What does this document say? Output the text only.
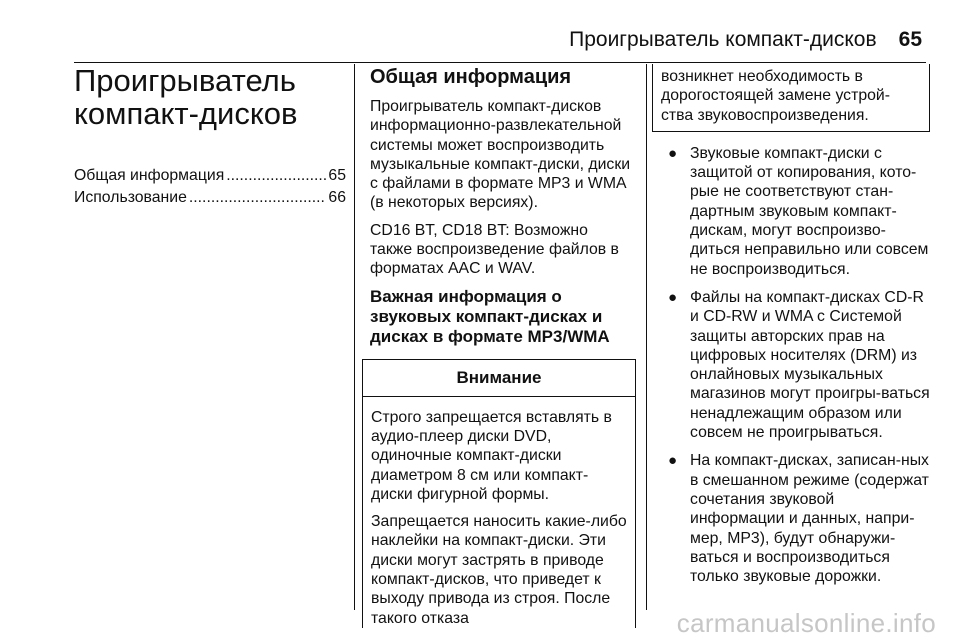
Проигрыватель компакт-дисков 65
Проигрыватель
компакт-дисков
Общая информация .....	65
Использование .....	66
Общая информация

Проигрыватель компакт-дисков информационно-развлекательной системы может воспроизводить музыкальные компакт-диски, диски с файлами в формате MP3 и WMA (в некоторых версиях).

CD16 BT, CD18 BT: Возможно также воспроизведение файлов в форматах AAC и WAV.

Важная информация о звуковых компакт-дисках и дисках в формате MP3/WMA
Внимание

Строго запрещается вставлять в аудио-плеер диски DVD, одиночные компакт-диски диаметром 8 см или компакт-диски фигурной формы.

Запрещается наносить какие-либо наклейки на компакт-диски. Эти диски могут застрять в приводе компакт-дисков, что приведет к выходу привода из строя. После такого отказа

возникнет необходимость в дорогостоящей замене устрой-ства звуковоспроизведения.

● Звуковые компакт-диски с защитой от копирования, кото-рые не соответствуют стан-дартным звуковым компакт-дискам, могут воспроизво-диться неправильно или совсем не воспроизводиться.
● Файлы на компакт-дисках CD-R и CD-RW и WMA с Системой защиты авторских прав на цифровых носителях (DRM) из онлайновых музыкальных магазинов могут проигры-ваться ненадлежащим образом или совсем не проигрываться.
● На компакт-дисках, записан-ных в смешанном режиме (содержат сочетания звуковой информации и данных, напри-мер, MP3), будут обнаружи-ваться и воспроизводиться только звуковые дорожки.
carmanualsonline.info
